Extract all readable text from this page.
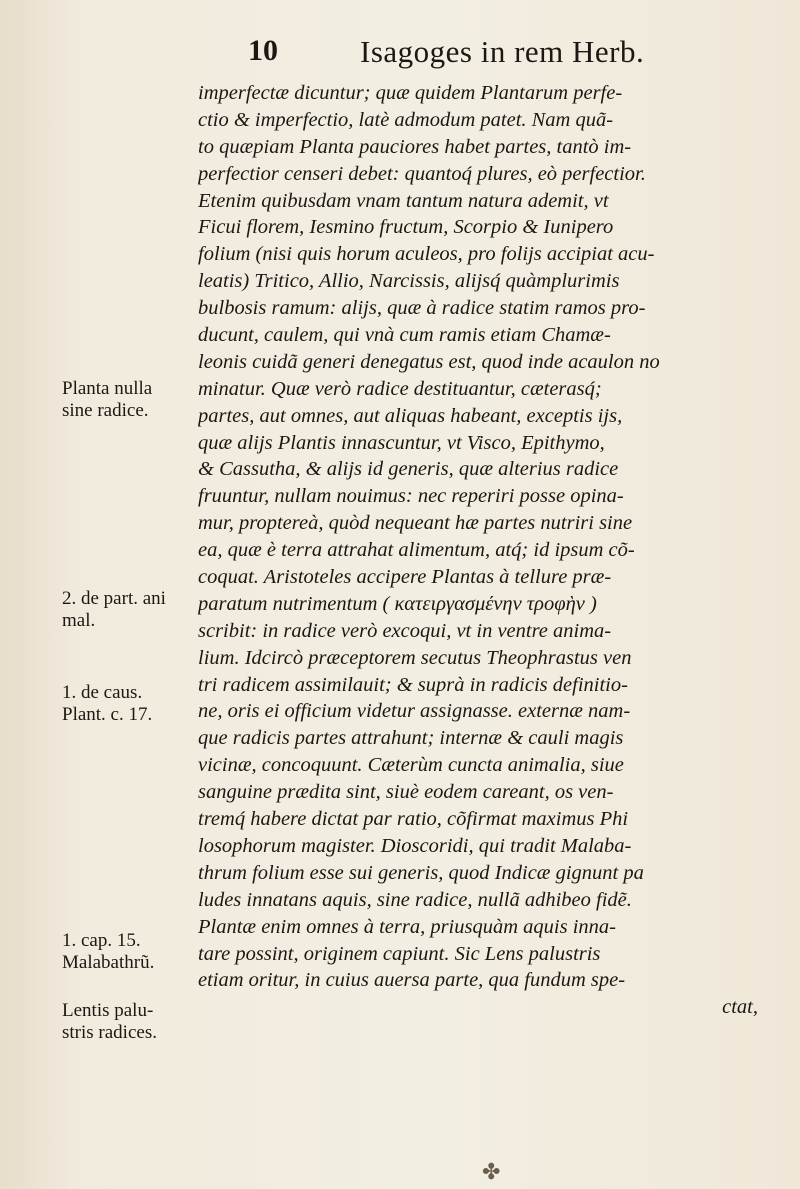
10	Isagoges in rem Herb.
Planta nulla
sine radice.
2. de part. ani
mal.
1. de caus.
Plant. c. 17.
1. cap. 15.
Malabathrũ.
Lentis palu-
stris radices.
imperfectæ dicuntur; quæ quidem Plantarum perfe-
ctio & imperfectio, latè admodum patet. Nam quã-
to quæpiam Planta pauciores habet partes, tantò im-
perfectior censeri debet: quantoq́ plures, eò perfectior.
Etenim quibusdam vnam tantum natura ademit, vt
Ficui florem, Iesmino fructum, Scorpio & Iunipero
folium (nisi quis horum aculeos, pro folijs accipiat acu-
leatis) Tritico, Allio, Narcissis, alijsq́ quàmplurimis
bulbosis ramum: alijs, quæ à radice statim ramos pro-
ducunt, caulem, qui vnà cum ramis etiam Chamæ-
leonis cuidã generi denegatus est, quod inde acaulon no
minatur. Quæ verò radice destituantur, cæterasq́;
partes, aut omnes, aut aliquas habeant, exceptis ijs,
quæ alijs Plantis innascuntur, vt Visco, Epithymo,
& Cassutha, & alijs id generis, quæ alterius radice
fruuntur, nullam nouimus: nec reperiri posse opina-
mur, proptereà, quòd nequeant hæ partes nutriri sine
ea, quæ è terra attrahat alimentum, atq́; id ipsum cõ-
coquat. Aristoteles accipere Plantas à tellure præ-
paratum nutrimentum ( κατειργασμένην τροφὴν )
scribit: in radice verò excoqui, vt in ventre anima-
lium. Idcircò præceptorem secutus Theophrastus ven
tri radicem assimilauit; & suprà in radicis definitio-
ne, oris ei officium videtur assignasse. externæ nam-
que radicis partes attrahunt; internæ & cauli magis
vicinæ, concoquunt. Cæterùm cuncta animalia, siue
sanguine prædita sint, siuè eodem careant, os ven-
tremq́ habere dictat par ratio, cõfirmat maximus Phi
losophorum magister. Dioscoridi, qui tradit Malaba-
thrum folium esse sui generis, quod Indicæ gignunt pa
ludes innatans aquis, sine radice, nullã adhibeo fidẽ.
Plantæ enim omnes à terra, priusquàm aquis inna-
tare possint, originem capiunt. Sic Lens palustris
etiam oritur, in cuius auersa parte, qua fundum spe-
ctat,
✤
